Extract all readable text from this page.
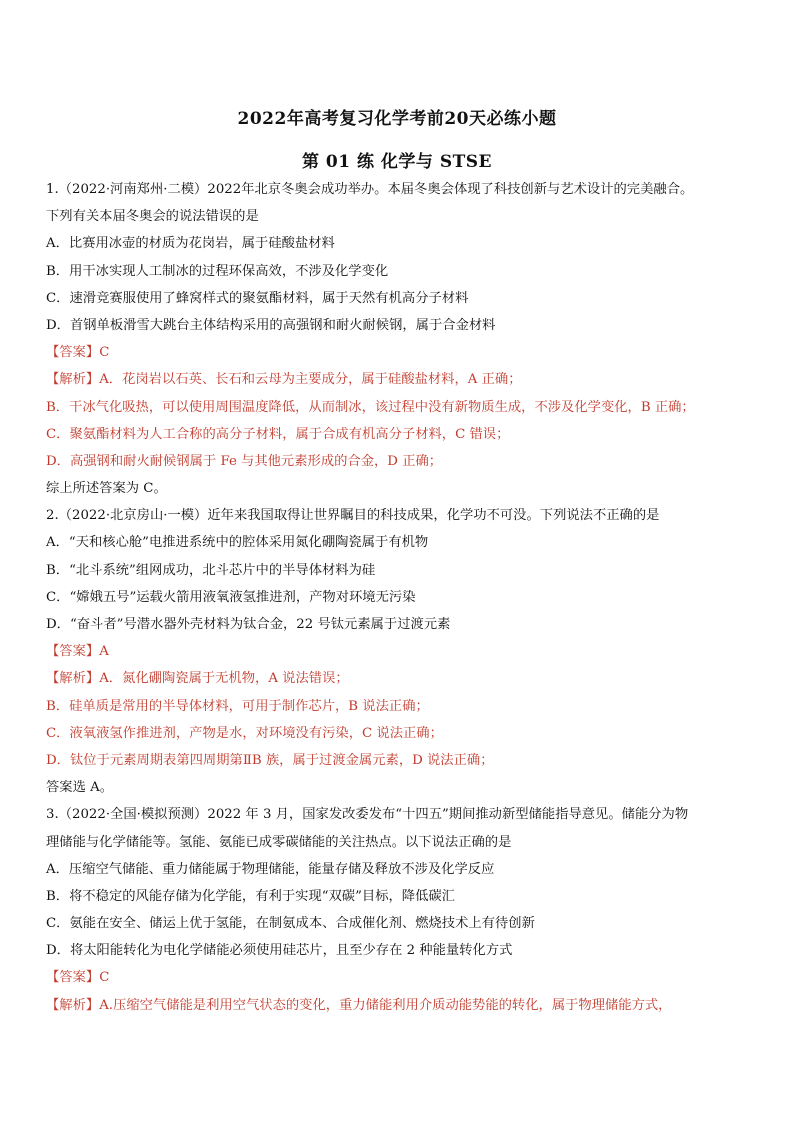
2022年高考复习化学考前20天必练小题
第 01 练 化学与 STSE
1.（2022·河南郑州·二模）2022年北京冬奥会成功举办。本届冬奥会体现了科技创新与艺术设计的完美融合。
下列有关本届冬奥会的说法错误的是
A．比赛用冰壶的材质为花岗岩，属于硅酸盐材料
B．用干冰实现人工制冰的过程环保高效，不涉及化学变化
C．速滑竞赛服使用了蜂窝样式的聚氨酯材料，属于天然有机高分子材料
D．首钢单板滑雪大跳台主体结构采用的高强钢和耐火耐候钢，属于合金材料
【答案】C
【解析】A．花岗岩以石英、长石和云母为主要成分，属于硅酸盐材料，A 正确；
B．干冰气化吸热，可以使用周围温度降低，从而制冰，该过程中没有新物质生成，不涉及化学变化，B 正确；
C．聚氨酯材料为人工合称的高分子材料，属于合成有机高分子材料，C 错误；
D．高强钢和耐火耐候钢属于 Fe 与其他元素形成的合金，D 正确；
综上所述答案为 C。
2.（2022·北京房山·一模）近年来我国取得让世界瞩目的科技成果，化学功不可没。下列说法不正确的是
A．“天和核心舱”电推进系统中的腔体采用氮化硼陶瓷属于有机物
B．“北斗系统”组网成功，北斗芯片中的半导体材料为硅
C．“嫦娥五号”运载火箭用液氧液氢推进剂，产物对环境无污染
D．“奋斗者”号潜水器外壳材料为钛合金，22 号钛元素属于过渡元素
【答案】A
【解析】A．氮化硼陶瓷属于无机物，A 说法错误；
B．硅单质是常用的半导体材料，可用于制作芯片，B 说法正确；
C．液氧液氢作推进剂，产物是水，对环境没有污染，C 说法正确；
D．钛位于元素周期表第四周期第ⅡB 族，属于过渡金属元素，D 说法正确；
答案选 A。
3.（2022·全国·模拟预测）2022 年 3 月，国家发改委发布“十四五”期间推动新型储能指导意见。储能分为物
理储能与化学储能等。氢能、氨能已成零碳储能的关注热点。以下说法正确的是
A．压缩空气储能、重力储能属于物理储能，能量存储及释放不涉及化学反应
B．将不稳定的风能存储为化学能，有利于实现“双碳”目标，降低碳汇
C．氨能在安全、储运上优于氢能，在制氨成本、合成催化剂、燃烧技术上有待创新
D．将太阳能转化为电化学储能必须使用硅芯片，且至少存在 2 种能量转化方式
【答案】C
【解析】A.压缩空气储能是利用空气状态的变化，重力储能利用介质动能势能的转化，属于物理储能方式，
